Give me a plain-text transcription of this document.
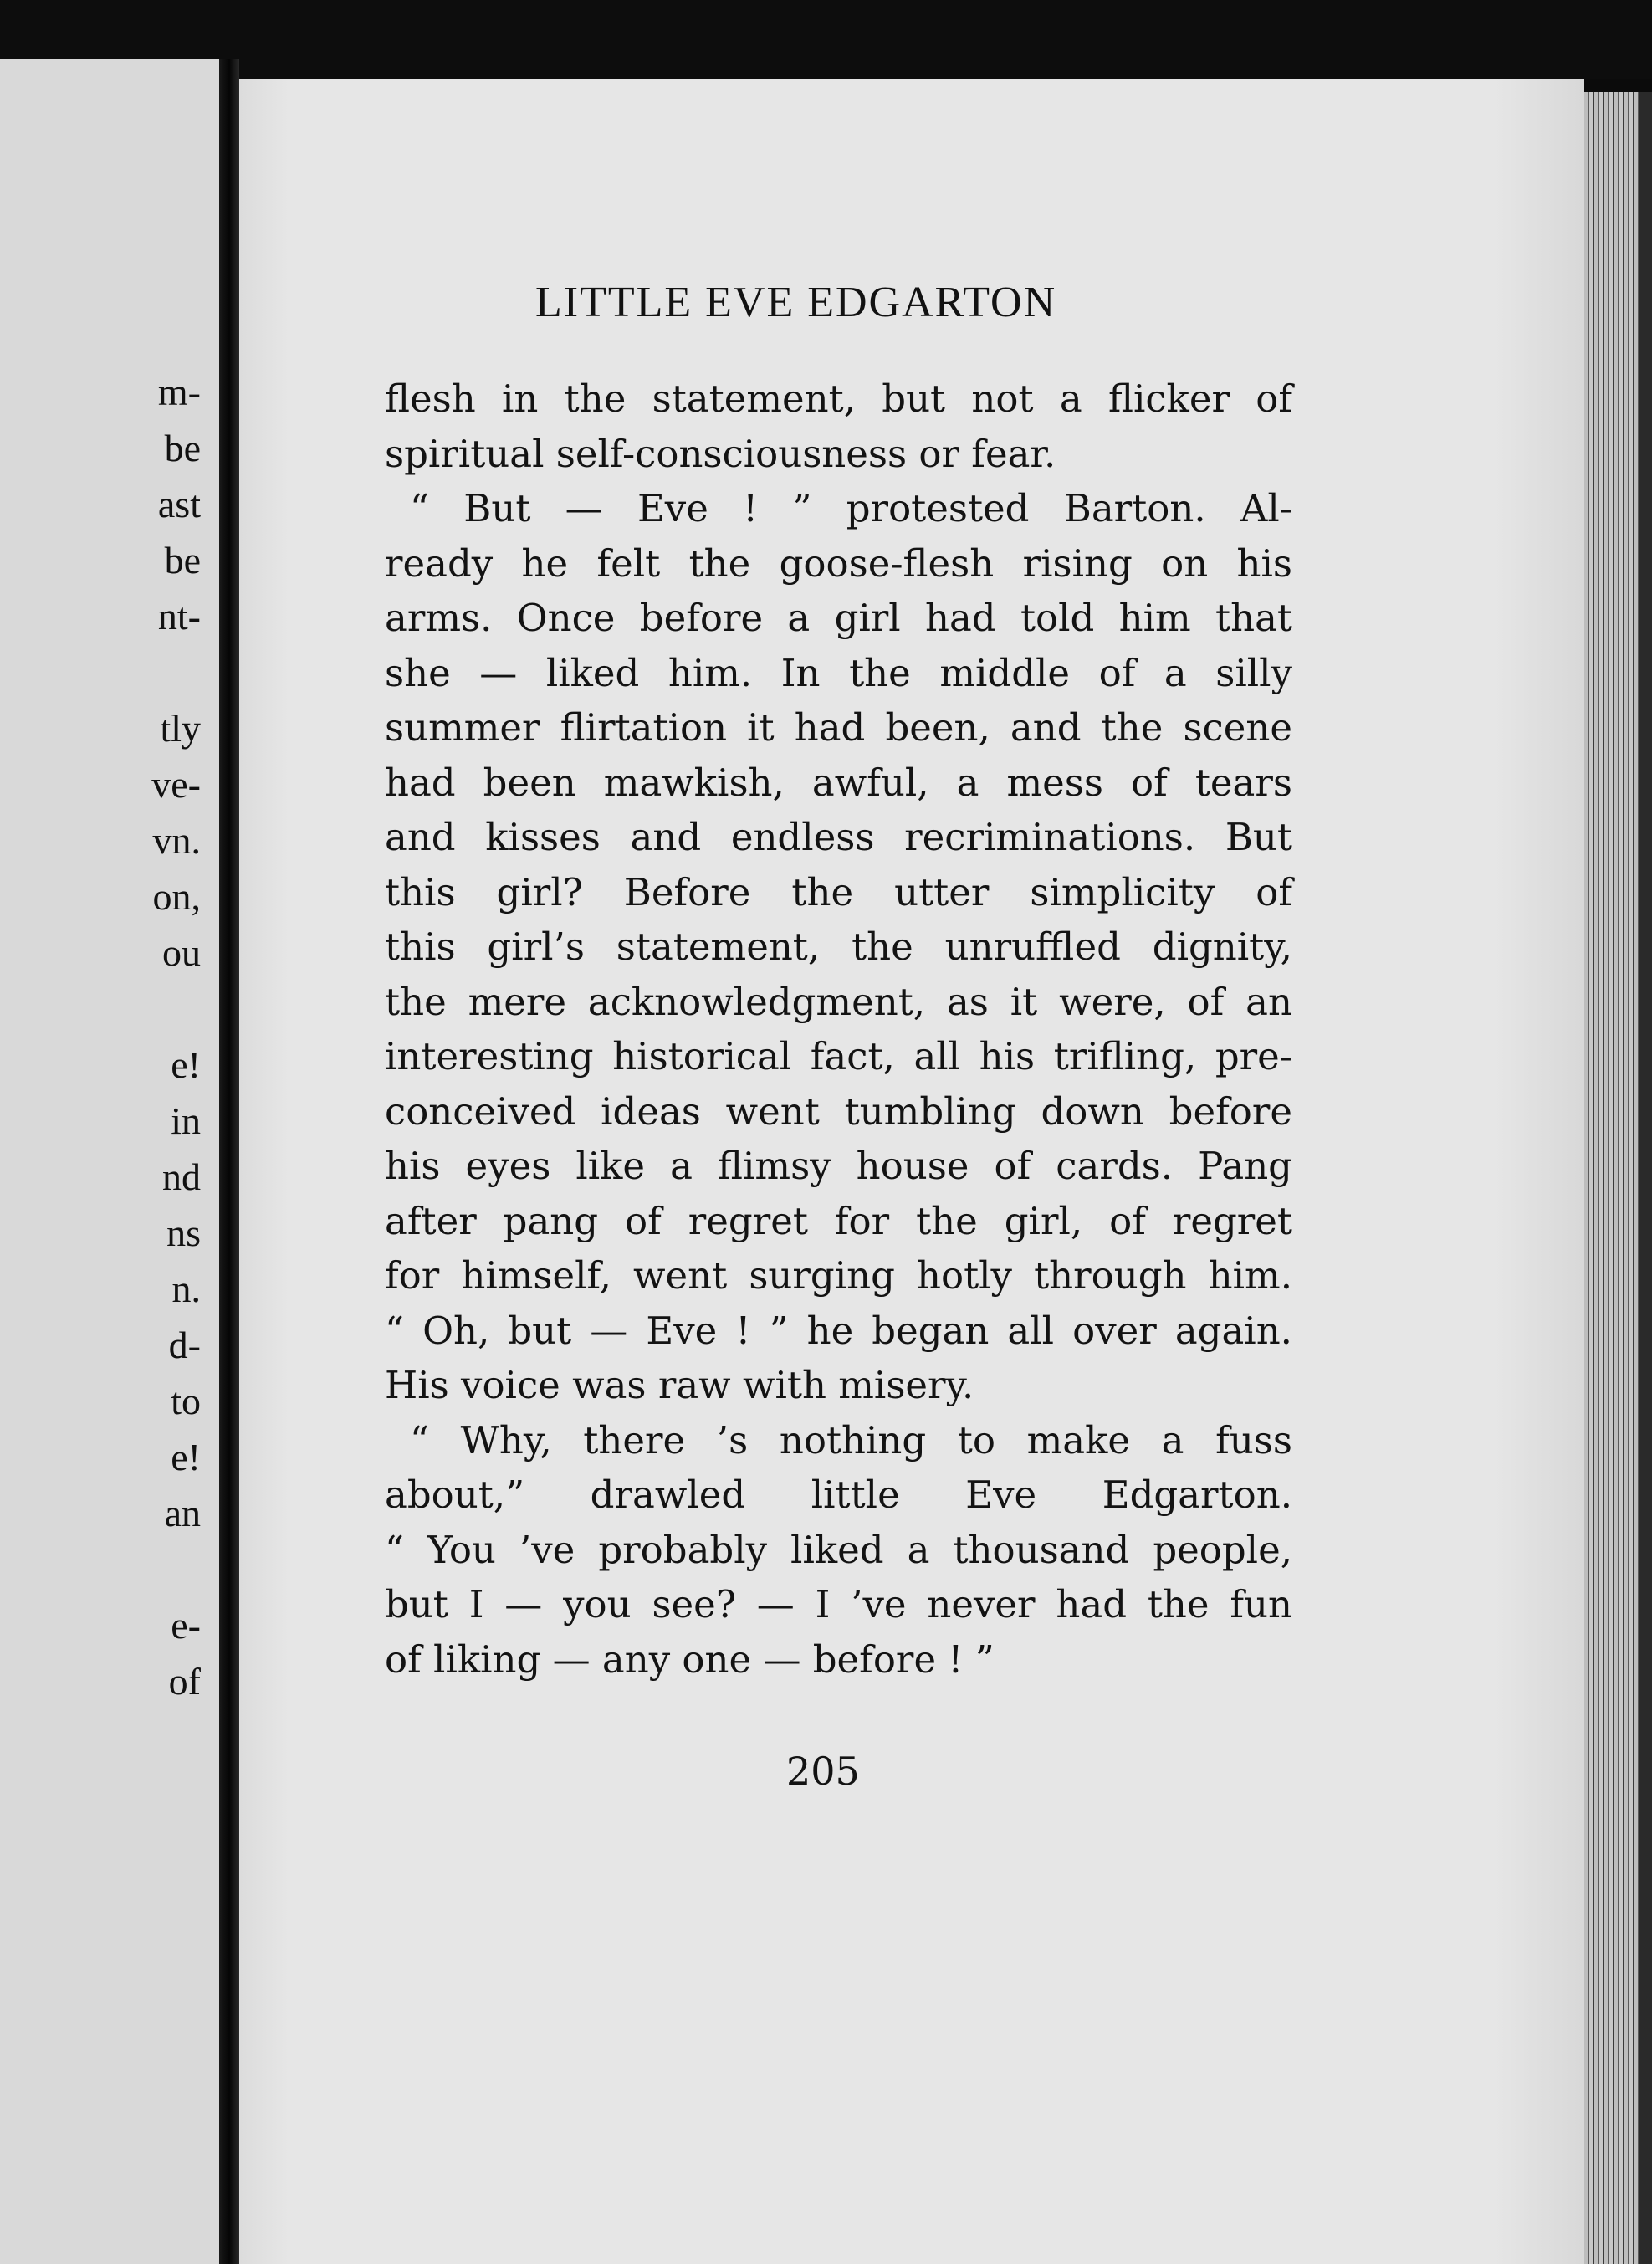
m-
be
ast
be
nt-
tly
ve-
vn.
on,
ou
e!
in
nd
ns
n.
d-
to
e!
an
e-
of
LITTLE EVE EDGARTON
flesh in the statement, but not a flicker of
spiritual self-consciousness or fear.
“ But — Eve ! ” protested Barton. Al-
ready he felt the goose-flesh rising on his
arms. Once before a girl had told him that
she — liked him. In the middle of a silly
summer flirtation it had been, and the scene
had been mawkish, awful, a mess of tears
and kisses and endless recriminations. But
this girl? Before the utter simplicity of
this girl’s statement, the unruffled dignity,
the mere acknowledgment, as it were, of an
interesting historical fact, all his trifling, pre-
conceived ideas went tumbling down before
his eyes like a flimsy house of cards. Pang
after pang of regret for the girl, of regret
for himself, went surging hotly through him.
“ Oh, but — Eve ! ” he began all over again.
His voice was raw with misery.
“ Why, there ’s nothing to make a fuss
about,” drawled little Eve Edgarton.
“ You ’ve probably liked a thousand people,
but I — you see? — I ’ve never had the fun
of liking — any one — before ! ”
205
